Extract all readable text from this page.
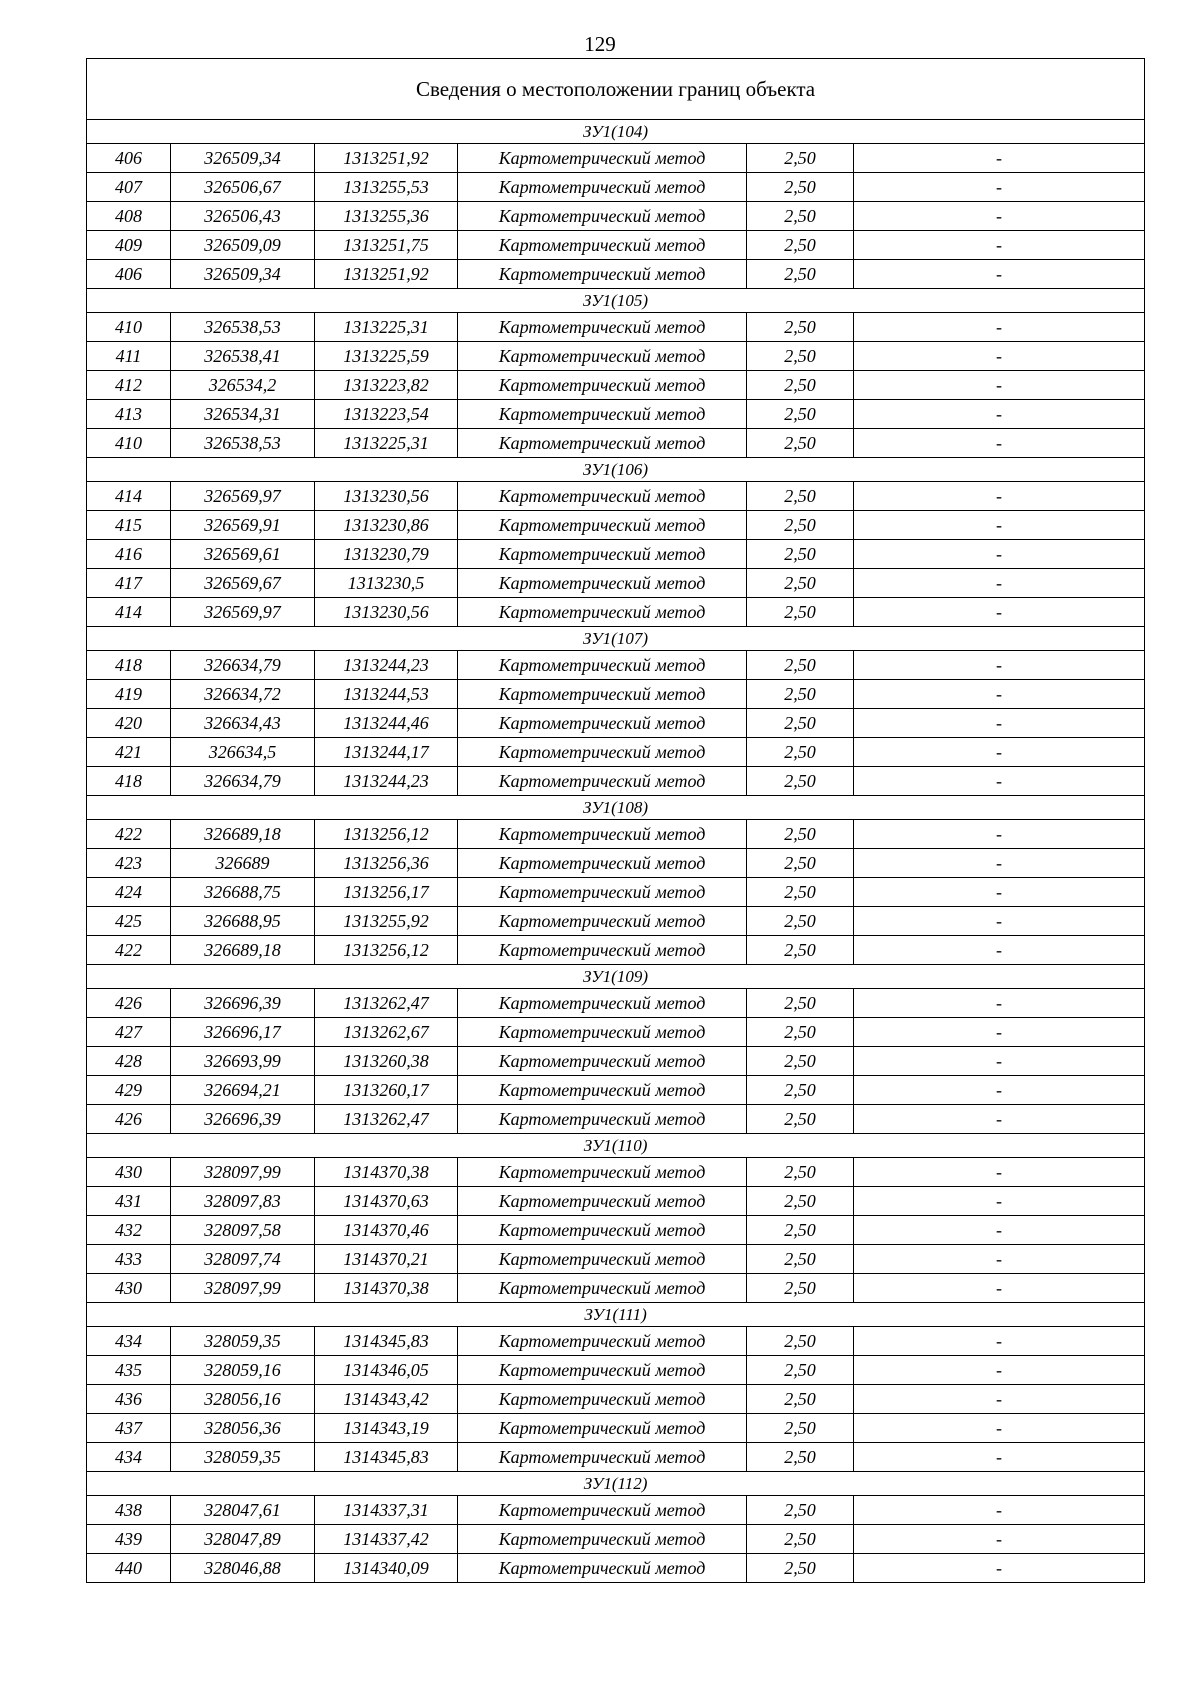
129
Сведения о местоположении границ объекта					
ЗУ1(104)					
406	326509,34	1313251,92	Картометрический метод	2,50	-
407	326506,67	1313255,53	Картометрический метод	2,50	-
408	326506,43	1313255,36	Картометрический метод	2,50	-
409	326509,09	1313251,75	Картометрический метод	2,50	-
406	326509,34	1313251,92	Картометрический метод	2,50	-
ЗУ1(105)					
410	326538,53	1313225,31	Картометрический метод	2,50	-
411	326538,41	1313225,59	Картометрический метод	2,50	-
412	326534,2	1313223,82	Картометрический метод	2,50	-
413	326534,31	1313223,54	Картометрический метод	2,50	-
410	326538,53	1313225,31	Картометрический метод	2,50	-
ЗУ1(106)					
414	326569,97	1313230,56	Картометрический метод	2,50	-
415	326569,91	1313230,86	Картометрический метод	2,50	-
416	326569,61	1313230,79	Картометрический метод	2,50	-
417	326569,67	1313230,5	Картометрический метод	2,50	-
414	326569,97	1313230,56	Картометрический метод	2,50	-
ЗУ1(107)					
418	326634,79	1313244,23	Картометрический метод	2,50	-
419	326634,72	1313244,53	Картометрический метод	2,50	-
420	326634,43	1313244,46	Картометрический метод	2,50	-
421	326634,5	1313244,17	Картометрический метод	2,50	-
418	326634,79	1313244,23	Картометрический метод	2,50	-
ЗУ1(108)					
422	326689,18	1313256,12	Картометрический метод	2,50	-
423	326689	1313256,36	Картометрический метод	2,50	-
424	326688,75	1313256,17	Картометрический метод	2,50	-
425	326688,95	1313255,92	Картометрический метод	2,50	-
422	326689,18	1313256,12	Картометрический метод	2,50	-
ЗУ1(109)					
426	326696,39	1313262,47	Картометрический метод	2,50	-
427	326696,17	1313262,67	Картометрический метод	2,50	-
428	326693,99	1313260,38	Картометрический метод	2,50	-
429	326694,21	1313260,17	Картометрический метод	2,50	-
426	326696,39	1313262,47	Картометрический метод	2,50	-
ЗУ1(110)					
430	328097,99	1314370,38	Картометрический метод	2,50	-
431	328097,83	1314370,63	Картометрический метод	2,50	-
432	328097,58	1314370,46	Картометрический метод	2,50	-
433	328097,74	1314370,21	Картометрический метод	2,50	-
430	328097,99	1314370,38	Картометрический метод	2,50	-
ЗУ1(111)					
434	328059,35	1314345,83	Картометрический метод	2,50	-
435	328059,16	1314346,05	Картометрический метод	2,50	-
436	328056,16	1314343,42	Картометрический метод	2,50	-
437	328056,36	1314343,19	Картометрический метод	2,50	-
434	328059,35	1314345,83	Картометрический метод	2,50	-
ЗУ1(112)					
438	328047,61	1314337,31	Картометрический метод	2,50	-
439	328047,89	1314337,42	Картометрический метод	2,50	-
440	328046,88	1314340,09	Картометрический метод	2,50	-
